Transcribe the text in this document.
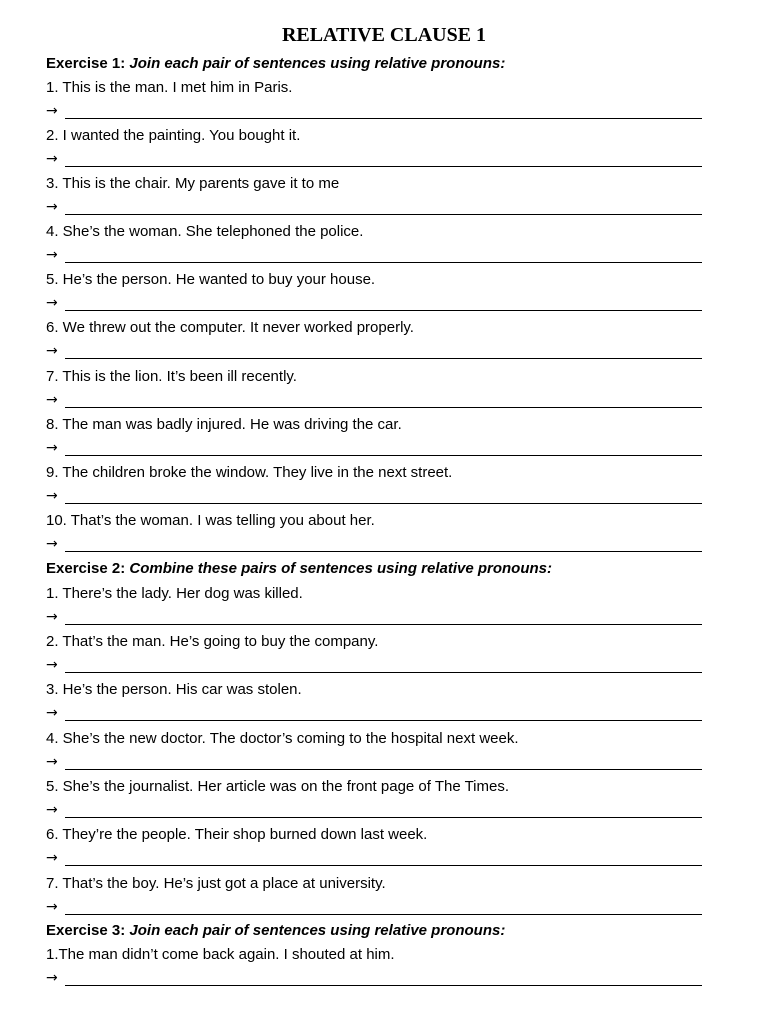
RELATIVE CLAUSE 1
Exercise 1: Join each pair of sentences using relative pronouns:
1. This is the man. I met him in Paris.
→
2. I wanted the painting. You bought it.
→
3. This is the chair. My parents gave it to me
→
4. She’s the woman. She telephoned the police.
→
5. He’s the person. He wanted to buy your house.
→
6. We threw out the computer. It never worked properly.
→
7. This is the lion. It’s been ill recently.
→
8. The man was badly injured. He was driving the car.
→
9. The children broke the window. They live in the next street.
→
10. That’s the woman. I was telling you about her.
→
Exercise 2: Combine these pairs of sentences using relative pronouns:
1. There’s the lady. Her dog was killed.
→
2. That’s the man. He’s going to buy the company.
→
3. He’s the person. His car was stolen.
→
4. She’s the new doctor. The doctor’s coming to the hospital next week.
→
5. She’s the journalist. Her article was on the front page of The Times.
→
6. They’re the people. Their shop burned down last week.
→
7. That’s the boy. He’s just got a place at university.
→
Exercise 3: Join each pair of sentences using relative pronouns:
1.The man didn’t come back again. I shouted at him.
→
